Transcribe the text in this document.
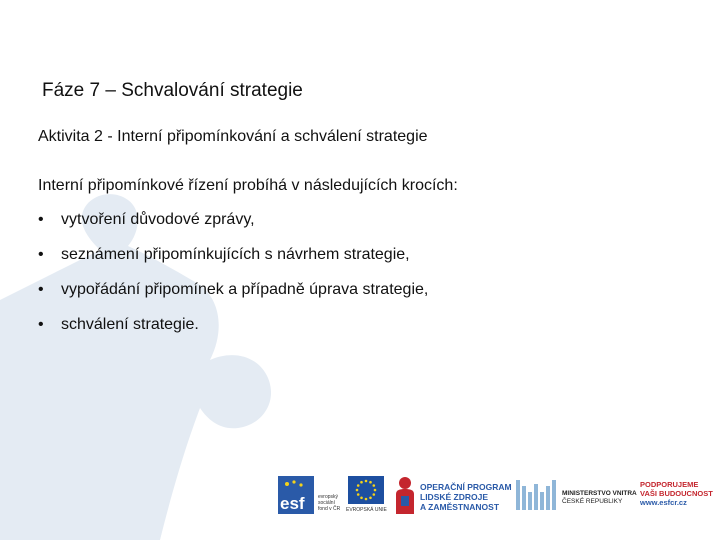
Fáze 7 – Schvalování strategie
Aktivita 2 - Interní připomínkování a schválení strategie
Interní připomínkové řízení probíhá v následujících krocích:
•	vytvoření důvodové zprávy,
•	seznámení připomínkujících s návrhem strategie,
•	vypořádání připomínek a případně úprava strategie,
•	schválení strategie.
esf	evropský
sociální
fond v ČR	EVROPSKÁ UNIE
OPERAČNÍ PROGRAM
LIDSKÉ ZDROJE
A ZAMĚSTNANOST
MINISTERSTVO VNITRA
ČESKÉ REPUBLIKY
PODPORUJEME
VAŠI BUDOUCNOST
www.esfcr.cz
